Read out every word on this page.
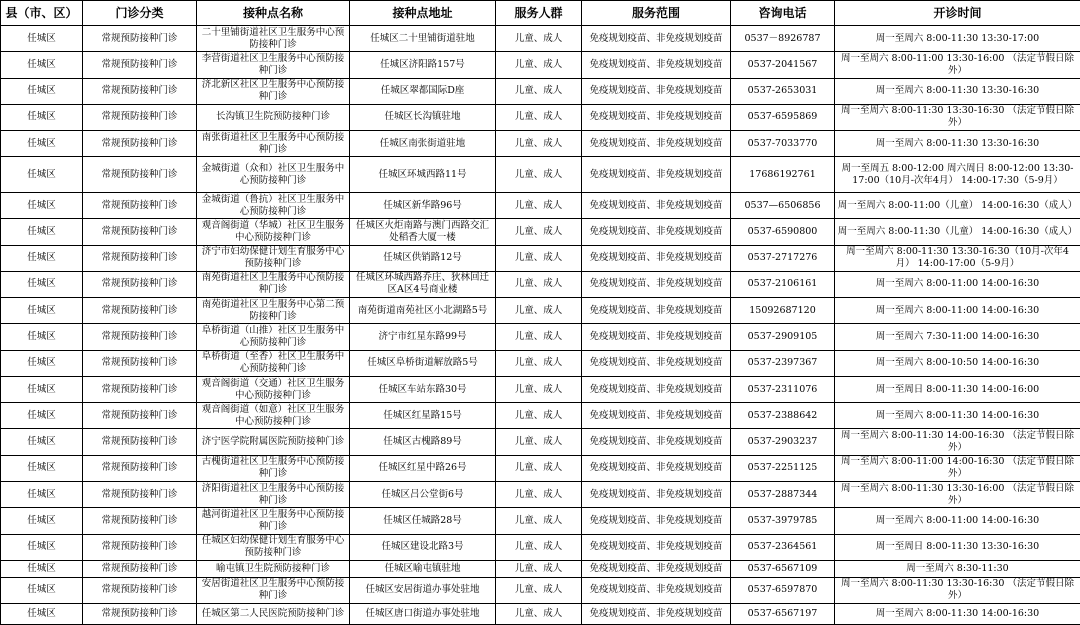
县（市、区）	门诊分类	接种点名称	接种点地址	服务人群	服务范围	咨询电话	开诊时间
任城区	常规预防接种门诊	二十里铺街道社区卫生服务中心预防接种门诊	任城区二十里铺街道驻地	儿童、成人	免疫规划疫苗、非免疫规划疫苗	0537－8926787	周一至周六 8:00-11:30 13:30-17:00
任城区	常规预防接种门诊	李营街道社区卫生服务中心预防接种门诊	任城区济阳路157号	儿童、成人	免疫规划疫苗、非免疫规划疫苗	0537-2041567	周一至周六 8:00-11:00 13:30-16:00 （法定节假日除外）
任城区	常规预防接种门诊	济北新区社区卫生服务中心预防接种门诊	任城区翠都国际D座	儿童、成人	免疫规划疫苗、非免疫规划疫苗	0537-2653031	周一至周六 8:00-11:30 13:30-16:30
任城区	常规预防接种门诊	长沟镇卫生院预防接种门诊	任城区长沟镇驻地	儿童、成人	免疫规划疫苗、非免疫规划疫苗	0537-6595869	周一至周六 8:00-11:30 13:30-16:30 （法定节假日除外）
任城区	常规预防接种门诊	南张街道社区卫生服务中心预防接种门诊	任城区南张街道驻地	儿童、成人	免疫规划疫苗、非免疫规划疫苗	0537-7033770	周一至周六 8:00-11:30 13:30-16:30
任城区	常规预防接种门诊	金城街道（众和）社区卫生服务中心预防接种门诊	任城区环城西路11号	儿童、成人	免疫规划疫苗、非免疫规划疫苗	17686192761	周一至周五 8:00-12:00 周六周日 8:00-12:00 13:30-17:00（10月-次年4月） 14:00-17:30（5-9月）
任城区	常规预防接种门诊	金城街道（鲁抗）社区卫生服务中心预防接种门诊	任城区新华路96号	儿童、成人	免疫规划疫苗、非免疫规划疫苗	0537—6506856	周一至周六 8:00-11:00（儿童） 14:00-16:30（成人）
任城区	常规预防接种门诊	观音阁街道（华城）社区卫生服务中心预防接种门诊	任城区火炬南路与澳门西路交汇处稻香大厦一楼	儿童、成人	免疫规划疫苗、非免疫规划疫苗	0537-6590800	周一至周六 8:00-11:30（儿童） 14:00-16:30（成人）
任城区	常规预防接种门诊	济宁市妇幼保健计划生育服务中心预防接种门诊	任城区供销路12号	儿童、成人	免疫规划疫苗、非免疫规划疫苗	0537-2717276	周一至周六 8:00-11:30 13:30-16:30（10月-次年4月） 14:00-17:00（5-9月）
任城区	常规预防接种门诊	南苑街道社区卫生服务中心预防接种门诊	任城区环城西路乔庄、狄林回迁区A区4号商业楼	儿童、成人	免疫规划疫苗、非免疫规划疫苗	0537-2106161	周一至周六 8:00-11:00 14:00-16:30
任城区	常规预防接种门诊	南苑街道社区卫生服务中心第二预防接种门诊	南苑街道南苑社区小北湖路5号	儿童、成人	免疫规划疫苗、非免疫规划疫苗	15092687120	周一至周六 8:00-11:00 14:00-16:30
任城区	常规预防接种门诊	阜桥街道（山推）社区卫生服务中心预防接种门诊	济宁市红星东路99号	儿童、成人	免疫规划疫苗、非免疫规划疫苗	0537-2909105	周一至周六 7:30-11:00 14:00-16:30
任城区	常规预防接种门诊	阜桥街道（至香）社区卫生服务中心预防接种门诊	任城区阜桥街道解放路5号	儿童、成人	免疫规划疫苗、非免疫规划疫苗	0537-2397367	周一至周六 8:00-10:50 14:00-16:30
任城区	常规预防接种门诊	观音阁街道（交通）社区卫生服务中心预防接种门诊	任城区车站东路30号	儿童、成人	免疫规划疫苗、非免疫规划疫苗	0537-2311076	周一至周日 8:00-11:30 14:00-16:00
任城区	常规预防接种门诊	观音阁街道（如意）社区卫生服务中心预防接种门诊	任城区红星路15号	儿童、成人	免疫规划疫苗、非免疫规划疫苗	0537-2388642	周一至周六 8:00-11:30 14:00-16:30
任城区	常规预防接种门诊	济宁医学院附属医院预防接种门诊	任城区古槐路89号	儿童、成人	免疫规划疫苗、非免疫规划疫苗	0537-2903237	周一至周六 8:00-11:30 14:00-16:30 （法定节假日除外）
任城区	常规预防接种门诊	古槐街道社区卫生服务中心预防接种门诊	任城区红星中路26号	儿童、成人	免疫规划疫苗、非免疫规划疫苗	0537-2251125	周一至周六 8:00-11:00 14:00-16:30 （法定节假日除外）
任城区	常规预防接种门诊	济阳街道社区卫生服务中心预防接种门诊	任城区吕公堂街6号	儿童、成人	免疫规划疫苗、非免疫规划疫苗	0537-2887344	周一至周六 8:00-11:30 13:30-16:00 （法定节假日除外）
任城区	常规预防接种门诊	越河街道社区卫生服务中心预防接种门诊	任城区任城路28号	儿童、成人	免疫规划疫苗、非免疫规划疫苗	0537-3979785	周一至周六 8:00-11:00 14:00-16:30
任城区	常规预防接种门诊	任城区妇幼保健计划生育服务中心预防接种门诊	任城区建设北路3号	儿童、成人	免疫规划疫苗、非免疫规划疫苗	0537-2364561	周一至周日 8:00-11:30 13:30-16:30
任城区	常规预防接种门诊	喻屯镇卫生院预防接种门诊	任城区喻屯镇驻地	儿童、成人	免疫规划疫苗、非免疫规划疫苗	0537-6567109	周一至周六 8:30-11:30
任城区	常规预防接种门诊	安居街道社区卫生服务中心预防接种门诊	任城区安居街道办事处驻地	儿童、成人	免疫规划疫苗、非免疫规划疫苗	0537-6597870	周一至周六 8:00-11:30 13:30-16:30 （法定节假日除外）
任城区	常规预防接种门诊	任城区第二人民医院预防接种门诊	任城区唐口街道办事处驻地	儿童、成人	免疫规划疫苗、非免疫规划疫苗	0537-6567197	周一至周六 8:00-11:30 14:00-16:30
